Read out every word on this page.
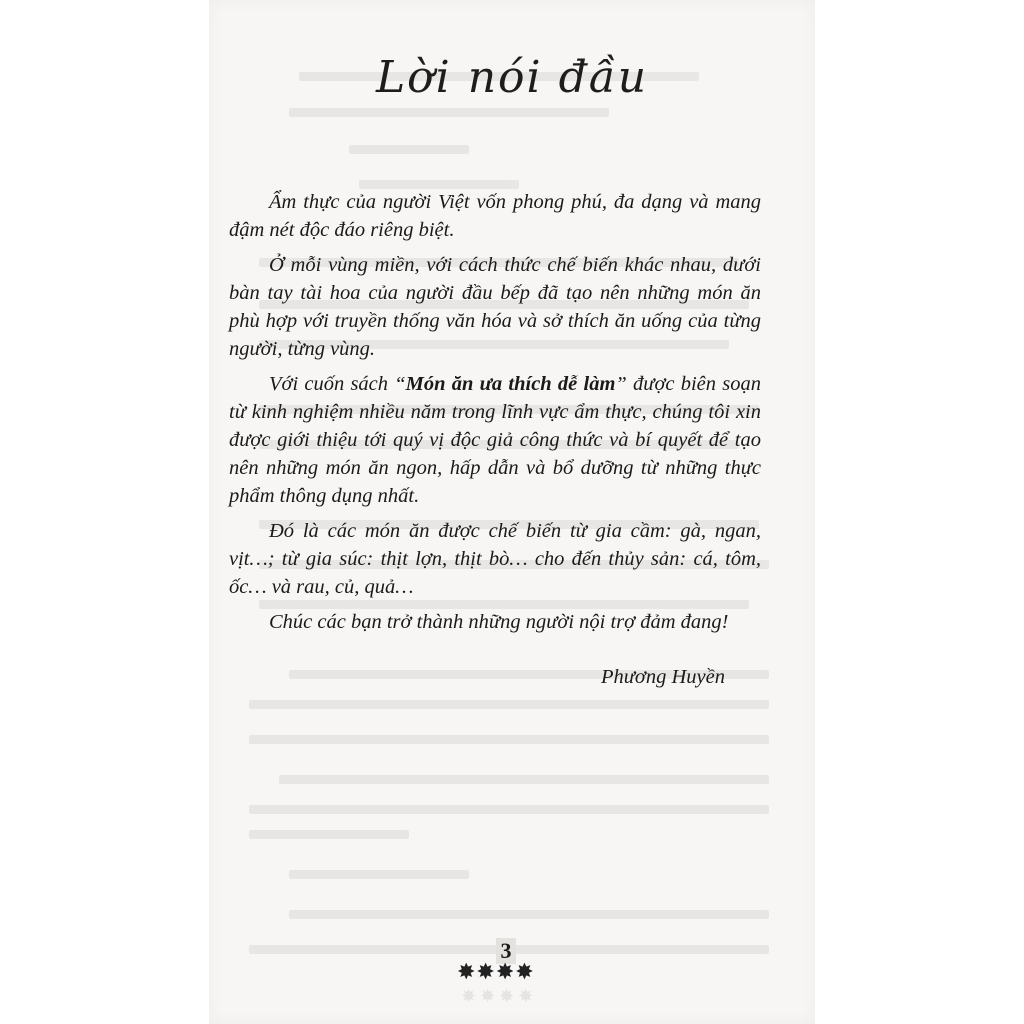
Lời nói đầu

Ẩm thực của người Việt vốn phong phú, đa dạng và mang đậm nét độc đáo riêng biệt.

Ở mỗi vùng miền, với cách thức chế biến khác nhau, dưới bàn tay tài hoa của người đầu bếp đã tạo nên những món ăn phù hợp với truyền thống văn hóa và sở thích ăn uống của từng người, từng vùng.

Với cuốn sách “Món ăn ưa thích dễ làm” được biên soạn từ kinh nghiệm nhiều năm trong lĩnh vực ẩm thực, chúng tôi xin được giới thiệu tới quý vị độc giả công thức và bí quyết để tạo nên những món ăn ngon, hấp dẫn và bổ dưỡng từ những thực phẩm thông dụng nhất.

Đó là các món ăn được chế biến từ gia cầm: gà, ngan, vịt…; từ gia súc: thịt lợn, thịt bò… cho đến thủy sản: cá, tôm, ốc… và rau, củ, quả…

Chúc các bạn trở thành những người nội trợ đảm đang!

Phương Huyền
3
✸✸✸✸
✸✸✸✸
